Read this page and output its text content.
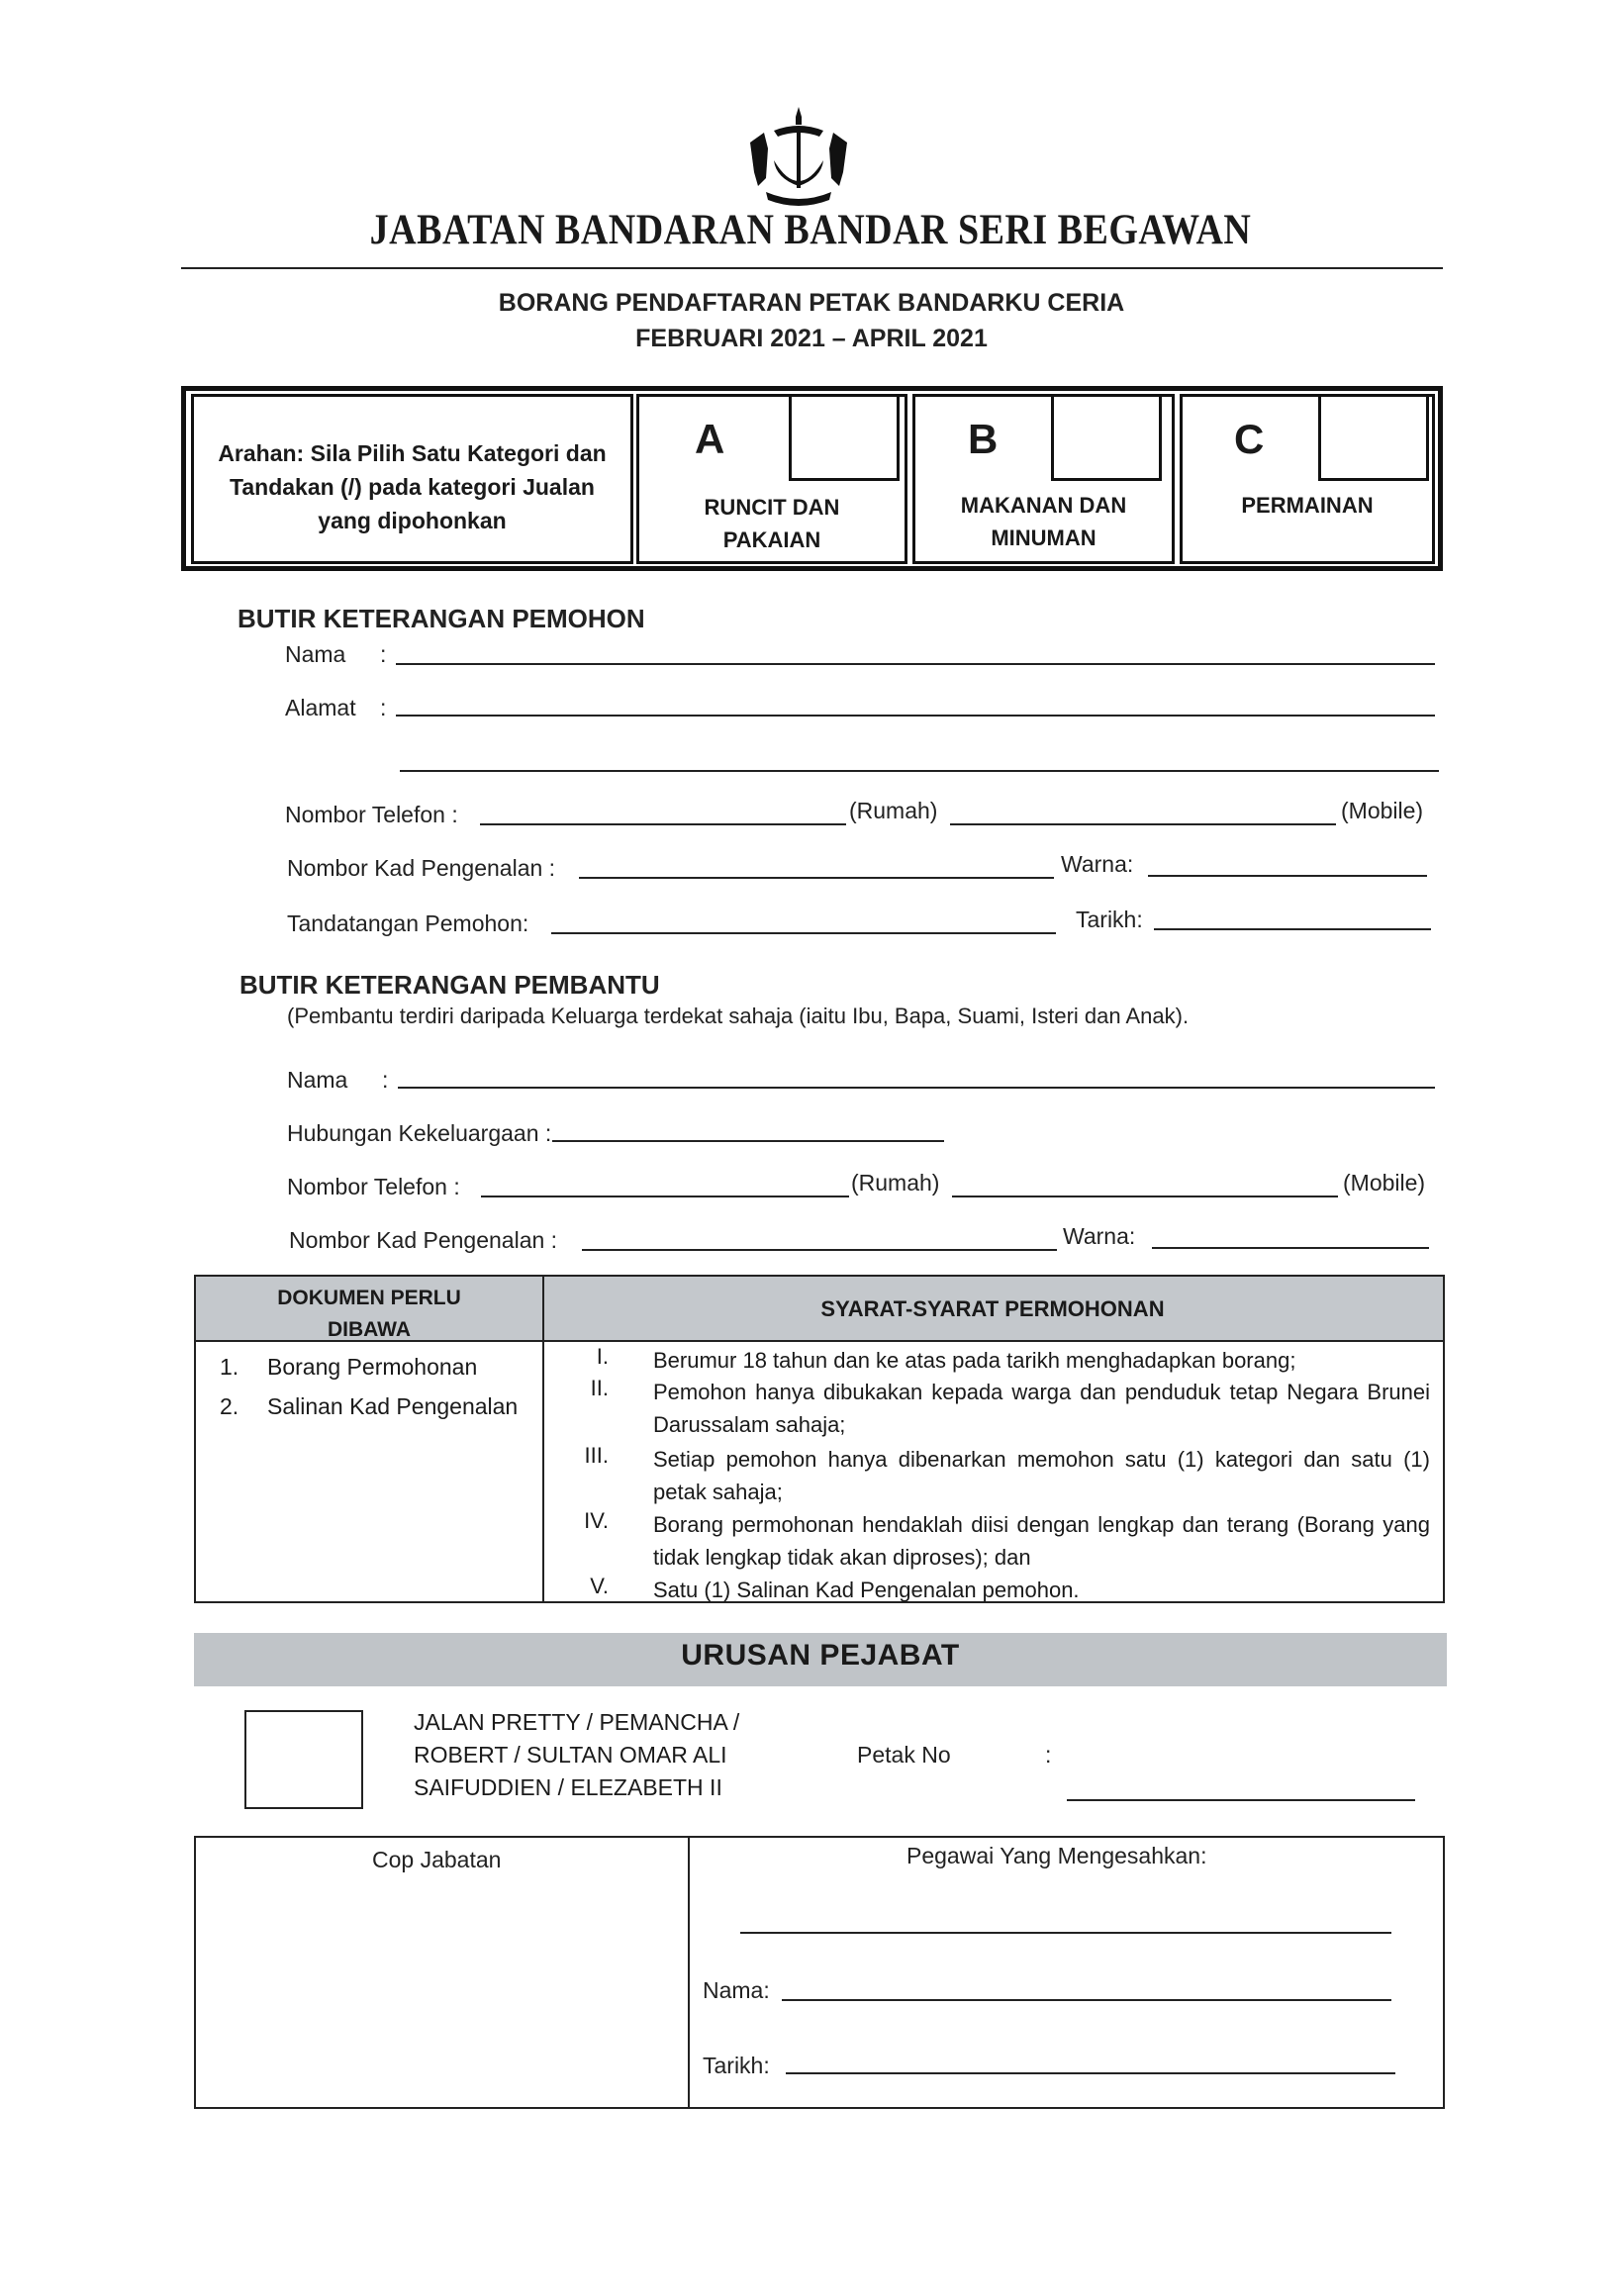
JABATAN BANDARAN BANDAR SERI BEGAWAN
BORANG PENDAFTARAN PETAK BANDARKU CERIA
FEBRUARI 2021 – APRIL 2021
Arahan: Sila Pilih Satu Kategori dan
Tandakan (/) pada kategori Jualan
yang dipohonkan
A
RUNCIT DAN
PAKAIAN
B
MAKANAN DAN
MINUMAN
C
PERMAINAN
BUTIR KETERANGAN PEMOHON
Nama :
Alamat :
Nombor Telefon :	(Rumah)	(Mobile)
Nombor Kad Pengenalan :	Warna:
Tandatangan Pemohon:	Tarikh:
BUTIR KETERANGAN PEMBANTU
(Pembantu terdiri daripada Keluarga terdekat sahaja (iaitu Ibu, Bapa, Suami, Isteri dan Anak).
Nama :
Hubungan Kekeluargaan :
Nombor Telefon :	(Rumah)	(Mobile)
Nombor Kad Pengenalan :	Warna:
DOKUMEN PERLU
DIBAWA
SYARAT-SYARAT PERMOHONAN
1. Borang Permohonan
2. Salinan Kad Pengenalan
I. Berumur 18 tahun dan ke atas pada tarikh menghadapkan borang;
II. Pemohon hanya dibukakan kepada warga dan penduduk tetap Negara Brunei Darussalam sahaja;
III. Setiap pemohon hanya dibenarkan memohon satu (1) kategori dan satu (1) petak sahaja;
IV. Borang permohonan hendaklah diisi dengan lengkap dan terang (Borang yang tidak lengkap tidak akan diproses); dan
V. Satu (1) Salinan Kad Pengenalan pemohon.
URUSAN PEJABAT
JALAN PRETTY / PEMANCHA /
ROBERT / SULTAN OMAR ALI
SAIFUDDIEN / ELEZABETH II
Petak No	:
Cop Jabatan	Pegawai Yang Mengesahkan:
Nama:
Tarikh:
